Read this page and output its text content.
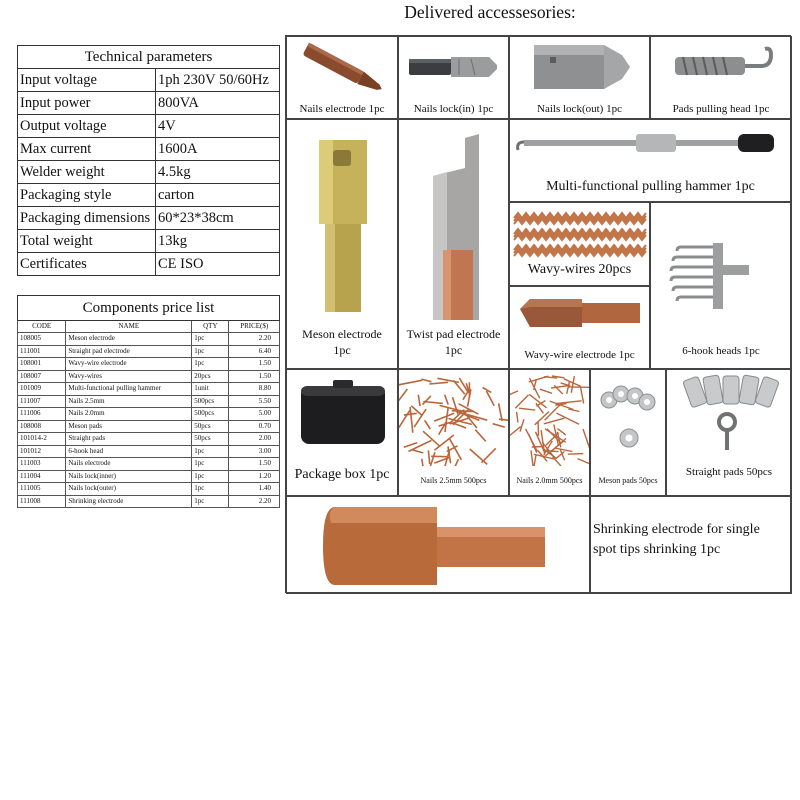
Technical parameters	
Input voltage	1ph 230V 50/60Hz
Input power	800VA
Output voltage	4V
Max current	1600A
Welder weight	4.5kg
Packaging style	carton
Packaging dimensions	60*23*38cm
Total weight	13kg
Certificates	CE ISO
Components price list			
CODE	NAME	QTY	PRICE($)
108005	Meson electrode	1pc	2.20
111001	Straight pad electrode	1pc	6.40
108001	Wavy-wire electrode	1pc	1.50
108007	Wavy-wires	20pcs	1.50
101009	Multi-functional pulling hammer	1unit	8.80
111007	Nails 2.5mm	500pcs	5.50
111006	Nails 2.0mm	500pcs	5.00
108008	Meson pads	50pcs	0.70
101014-2	Straight pads	50pcs	2.00
101012	6-hook head	1pc	3.00
111003	Nails electrode	1pc	1.50
111004	Nails lock(inner)	1pc	1.20
111005	Nails lock(outer)	1pc	1.40
111008	Shrinking electrode	1pc	2.20
Delivered accessesories:
Nails electrode 1pc	Nails lock(in) 1pc	Nails lock(out) 1pc	Pads pulling head 1pc
Meson electrode
1pc
Twist pad electrode
1pc
Multi-functional pulling hammer 1pc
Wavy-wires 20pcs
Wavy-wire electrode 1pc	6-hook heads 1pc
Package box 1pc	Nails 2.5mm 500pcs	Nails 2.0mm 500pcs	Meson pads 50pcs
Straight pads 50pcs
Shrinking electrode for single
spot tips shrinking 1pc
